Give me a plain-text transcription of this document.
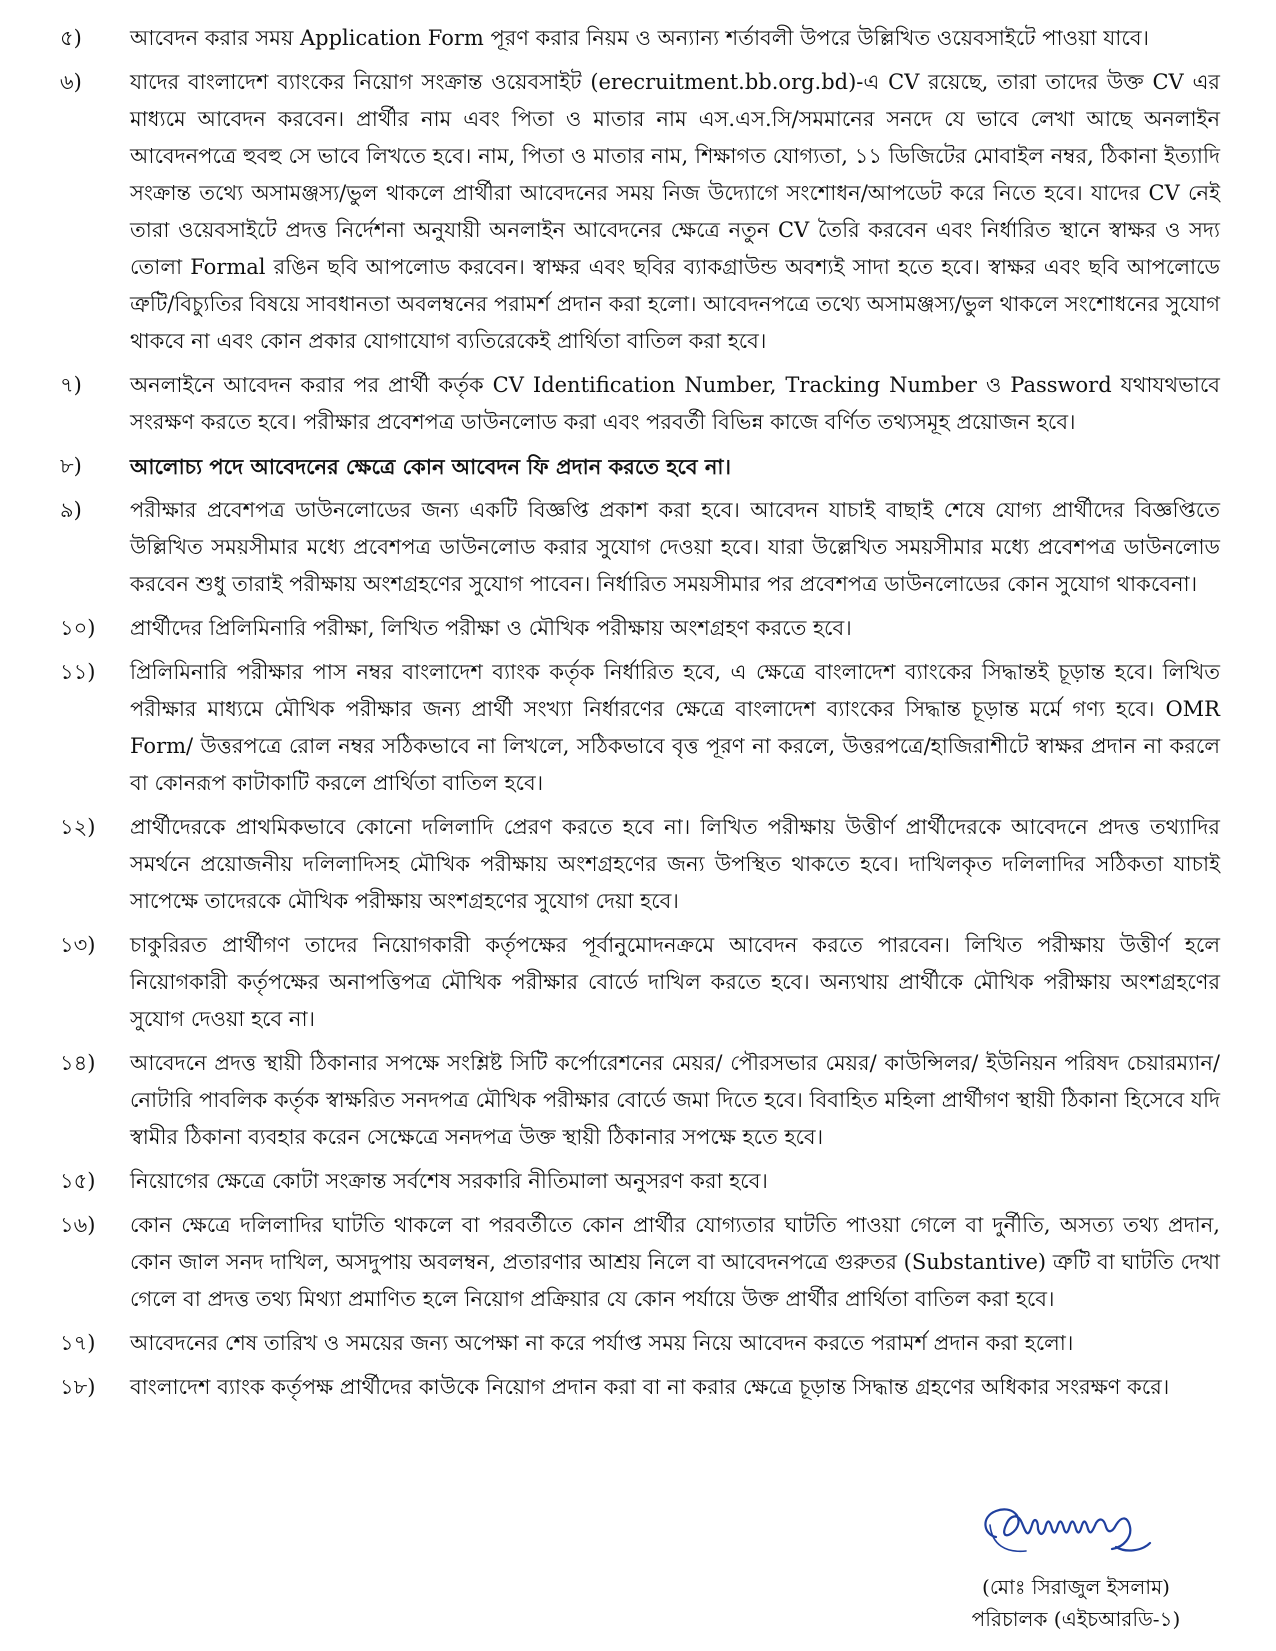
৫)	আবেদন করার সময় Application Form পূরণ করার নিয়ম ও অন্যান্য শর্তাবলী উপরে উল্লিখিত ওয়েবসাইটে পাওয়া যাবে।
৬)	যাদের বাংলাদেশ ব্যাংকের নিয়োগ সংক্রান্ত ওয়েবসাইট (erecruitment.bb.org.bd)-এ CV রয়েছে, তারা তাদের উক্ত CV এর মাধ্যমে আবেদন করবেন। প্রার্থীর নাম এবং পিতা ও মাতার নাম এস.এস.সি/সমমানের সনদে যে ভাবে লেখা আছে অনলাইন আবেদনপত্রে হুবহু সে ভাবে লিখতে হবে। নাম, পিতা ও মাতার নাম, শিক্ষাগত যোগ্যতা, ১১ ডিজিটের মোবাইল নম্বর, ঠিকানা ইত্যাদি সংক্রান্ত তথ্যে অসামঞ্জস্য/ভুল থাকলে প্রার্থীরা আবেদনের সময় নিজ উদ্যোগে সংশোধন/আপডেট করে নিতে হবে। যাদের CV নেই তারা ওয়েবসাইটে প্রদত্ত নির্দেশনা অনুযায়ী অনলাইন আবেদনের ক্ষেত্রে নতুন CV তৈরি করবেন এবং নির্ধারিত স্থানে স্বাক্ষর ও সদ্য তোলা Formal রঙিন ছবি আপলোড করবেন। স্বাক্ষর এবং ছবির ব্যাকগ্রাউন্ড অবশ্যই সাদা হতে হবে। স্বাক্ষর এবং ছবি আপলোডে ত্রুটি/বিচ্যুতির বিষয়ে সাবধানতা অবলম্বনের পরামর্শ প্রদান করা হলো। আবেদনপত্রে তথ্যে অসামঞ্জস্য/ভুল থাকলে সংশোধনের সুযোগ থাকবে না এবং কোন প্রকার যোগাযোগ ব্যতিরেকেই প্রার্থিতা বাতিল করা হবে।
৭)	অনলাইনে আবেদন করার পর প্রার্থী কর্তৃক CV Identification Number, Tracking Number ও Password যথাযথভাবে সংরক্ষণ করতে হবে। পরীক্ষার প্রবেশপত্র ডাউনলোড করা এবং পরবর্তী বিভিন্ন কাজে বর্ণিত তথ্যসমূহ প্রয়োজন হবে।
৮)	আলোচ্য পদে আবেদনের ক্ষেত্রে কোন আবেদন ফি প্রদান করতে হবে না।
৯)	পরীক্ষার প্রবেশপত্র ডাউনলোডের জন্য একটি বিজ্ঞপ্তি প্রকাশ করা হবে। আবেদন যাচাই বাছাই শেষে যোগ্য প্রার্থীদের বিজ্ঞপ্তিতে উল্লিখিত সময়সীমার মধ্যে প্রবেশপত্র ডাউনলোড করার সুযোগ দেওয়া হবে। যারা উল্লেখিত সময়সীমার মধ্যে প্রবেশপত্র ডাউনলোড করবেন শুধু তারাই পরীক্ষায় অংশগ্রহণের সুযোগ পাবেন। নির্ধারিত সময়সীমার পর প্রবেশপত্র ডাউনলোডের কোন সুযোগ থাকবেনা।
১০)	প্রার্থীদের প্রিলিমিনারি পরীক্ষা, লিখিত পরীক্ষা ও মৌখিক পরীক্ষায় অংশগ্রহণ করতে হবে।
১১)	প্রিলিমিনারি পরীক্ষার পাস নম্বর বাংলাদেশ ব্যাংক কর্তৃক নির্ধারিত হবে, এ ক্ষেত্রে বাংলাদেশ ব্যাংকের সিদ্ধান্তই চূড়ান্ত হবে। লিখিত পরীক্ষার মাধ্যমে মৌখিক পরীক্ষার জন্য প্রার্থী সংখ্যা নির্ধারণের ক্ষেত্রে বাংলাদেশ ব্যাংকের সিদ্ধান্ত চূড়ান্ত মর্মে গণ্য হবে। OMR Form/ উত্তরপত্রে রোল নম্বর সঠিকভাবে না লিখলে, সঠিকভাবে বৃত্ত পূরণ না করলে, উত্তরপত্রে/হাজিরাশীটে স্বাক্ষর প্রদান না করলে বা কোনরূপ কাটাকাটি করলে প্রার্থিতা বাতিল হবে।
১২)	প্রার্থীদেরকে প্রাথমিকভাবে কোনো দলিলাদি প্রেরণ করতে হবে না। লিখিত পরীক্ষায় উত্তীর্ণ প্রার্থীদেরকে আবেদনে প্রদত্ত তথ্যাদির সমর্থনে প্রয়োজনীয় দলিলাদিসহ মৌখিক পরীক্ষায় অংশগ্রহণের জন্য উপস্থিত থাকতে হবে। দাখিলকৃত দলিলাদির সঠিকতা যাচাই সাপেক্ষে তাদেরকে মৌখিক পরীক্ষায় অংশগ্রহণের সুযোগ দেয়া হবে।
১৩)	চাকুরিরত প্রার্থীগণ তাদের নিয়োগকারী কর্তৃপক্ষের পূর্বানুমোদনক্রমে আবেদন করতে পারবেন। লিখিত পরীক্ষায় উত্তীর্ণ হলে নিয়োগকারী কর্তৃপক্ষের অনাপত্তিপত্র মৌখিক পরীক্ষার বোর্ডে দাখিল করতে হবে। অন্যথায় প্রার্থীকে মৌখিক পরীক্ষায় অংশগ্রহণের সুযোগ দেওয়া হবে না।
১৪)	আবেদনে প্রদত্ত স্থায়ী ঠিকানার সপক্ষে সংশ্লিষ্ট সিটি কর্পোরেশনের মেয়র/ পৌরসভার মেয়র/ কাউন্সিলর/ ইউনিয়ন পরিষদ চেয়ারম্যান/ নোটারি পাবলিক কর্তৃক স্বাক্ষরিত সনদপত্র মৌখিক পরীক্ষার বোর্ডে জমা দিতে হবে। বিবাহিত মহিলা প্রার্থীগণ স্থায়ী ঠিকানা হিসেবে যদি স্বামীর ঠিকানা ব্যবহার করেন সেক্ষেত্রে সনদপত্র উক্ত স্থায়ী ঠিকানার সপক্ষে হতে হবে।
১৫)	নিয়োগের ক্ষেত্রে কোটা সংক্রান্ত সর্বশেষ সরকারি নীতিমালা অনুসরণ করা হবে।
১৬)	কোন ক্ষেত্রে দলিলাদির ঘাটতি থাকলে বা পরবর্তীতে কোন প্রার্থীর যোগ্যতার ঘাটতি পাওয়া গেলে বা দুর্নীতি, অসত্য তথ্য প্রদান, কোন জাল সনদ দাখিল, অসদুপায় অবলম্বন, প্রতারণার আশ্রয় নিলে বা আবেদনপত্রে গুরুতর (Substantive) ত্রুটি বা ঘাটতি দেখা গেলে বা প্রদত্ত তথ্য মিথ্যা প্রমাণিত হলে নিয়োগ প্রক্রিয়ার যে কোন পর্যায়ে উক্ত প্রার্থীর প্রার্থিতা বাতিল করা হবে।
১৭)	আবেদনের শেষ তারিখ ও সময়ের জন্য অপেক্ষা না করে পর্যাপ্ত সময় নিয়ে আবেদন করতে পরামর্শ প্রদান করা হলো।
১৮)	বাংলাদেশ ব্যাংক কর্তৃপক্ষ প্রার্থীদের কাউকে নিয়োগ প্রদান করা বা না করার ক্ষেত্রে চূড়ান্ত সিদ্ধান্ত গ্রহণের অধিকার সংরক্ষণ করে।
(মোঃ সিরাজুল ইসলাম)
পরিচালক (এইচআরডি-১)
